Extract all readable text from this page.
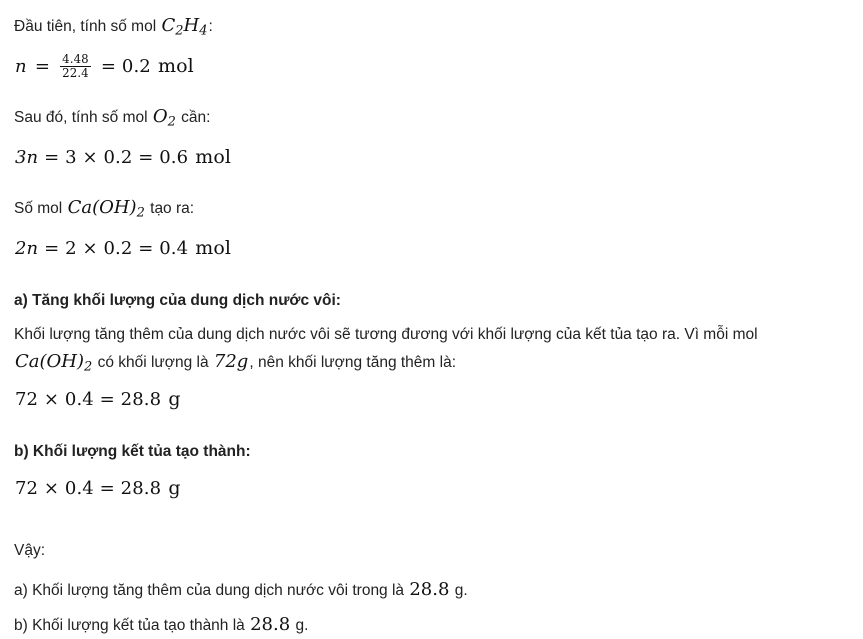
Đầu tiên, tính số mol $C_2H_4$:
$n = \frac{4.48}{22.4} = 0.2$ mol
Sau đó, tính số mol $O_2$ cần:
3n = 3 × 0.2 = 0.6 mol
Số mol $Ca(OH)_2$ tạo ra:
2n = 2 × 0.2 = 0.4 mol
a) Tăng khối lượng của dung dịch nước vôi:
Khối lượng tăng thêm của dung dịch nước vôi sẽ tương đương với khối lượng của kết tủa tạo ra. Vì mỗi mol $Ca(OH)_2$ có khối lượng là 72g, nên khối lượng tăng thêm là:
72 × 0.4 = 28.8 g
b) Khối lượng kết tủa tạo thành:
72 × 0.4 = 28.8 g
Vậy:
a) Khối lượng tăng thêm của dung dịch nước vôi trong là 28.8 g.
b) Khối lượng kết tủa tạo thành là 28.8 g.
